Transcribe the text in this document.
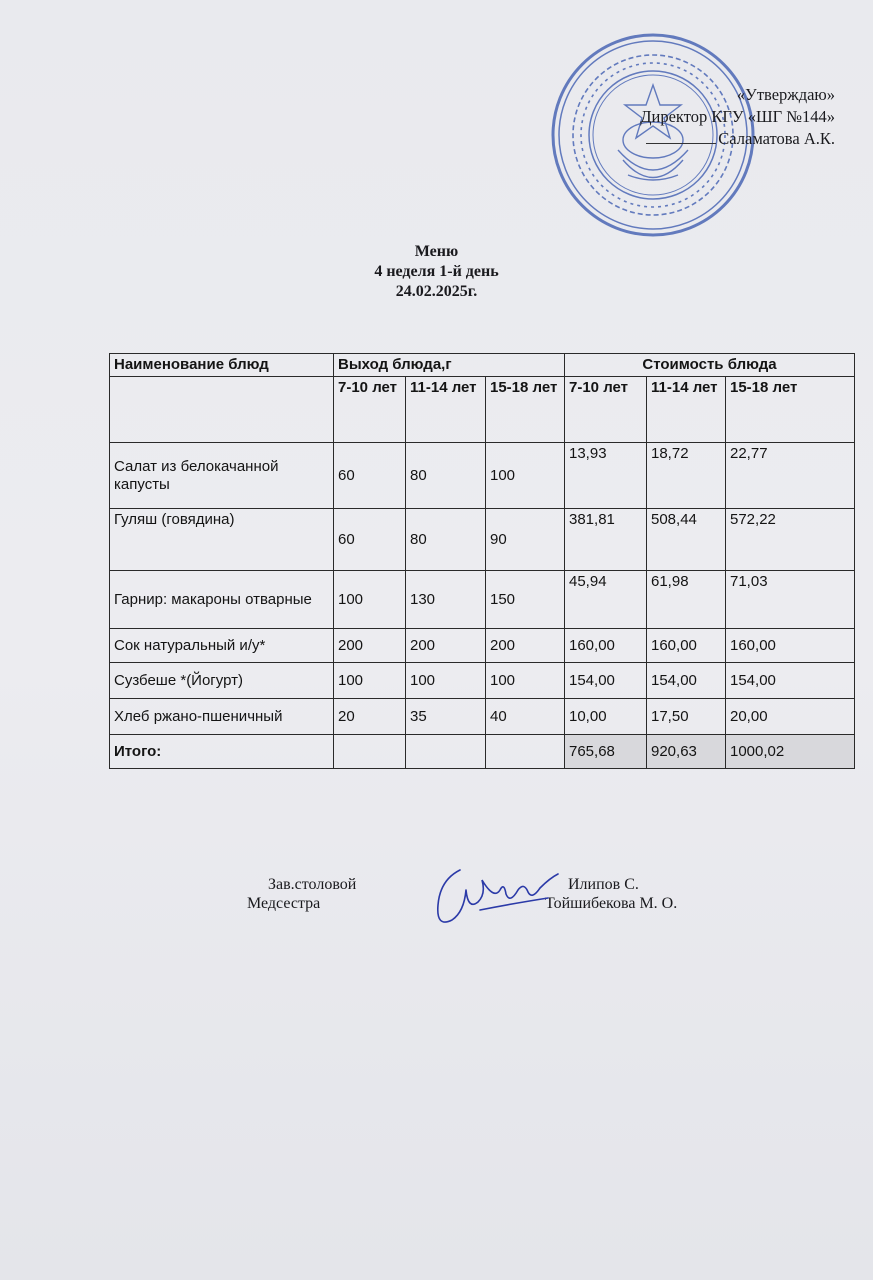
«Утверждаю»
Директор КГУ «ШГ №144»
Саламатова А.К.
Меню
4 неделя 1-й день
24.02.2025г.
Наименование блюд	Выход блюда,г			Стоимость блюда		
	7-10 лет	11-14 лет	15-18 лет	7-10 лет	11-14 лет	15-18 лет
Салат из белокачанной капусты	60	80	100	13,93	18,72	22,77
Гуляш (говядина)	60	80	90	381,81	508,44	572,22
Гарнир: макароны отварные	100	130	150	45,94	61,98	71,03
Сок натуральный и/у*	200	200	200	160,00	160,00	160,00
Сузбеше *(Йогурт)	100	100	100	154,00	154,00	154,00
Хлеб ржано-пшеничный	20	35	40	10,00	17,50	20,00
Итого:				765,68	920,63	1000,02
Зав.столовой	Илипов С.
Медсестра	Тойшибекова М. О.
